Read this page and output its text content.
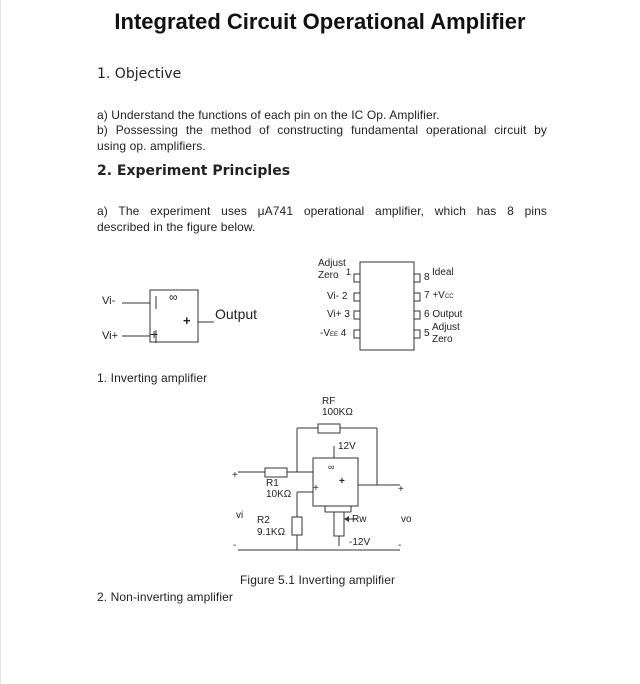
Integrated Circuit Operational Amplifier
1. Objective
a) Understand the functions of each pin on the IC Op. Amplifier.
b) Possessing the method of constructing fundamental operational circuit by
using op. amplifiers.
2. Experiment Principles
a) The experiment uses μA741 operational amplifier, which has 8 pins
described in the figure below.
Vi-
Vi+
∞
+ Output
+
Adjust
Zero 1
Vi- 2
Vi+ 3
-VEE 4
8 Ideal
7 +VCC
6 Output
5
Adjust
Zero
1. Inverting amplifier
RF
100KΩ
12V
∞
+
+
+
+
R1
10KΩ
vi R2
9.1KΩ
Rw	vo
-12V
-	-
Figure 5.1 Inverting amplifier
2. Non-inverting amplifier
